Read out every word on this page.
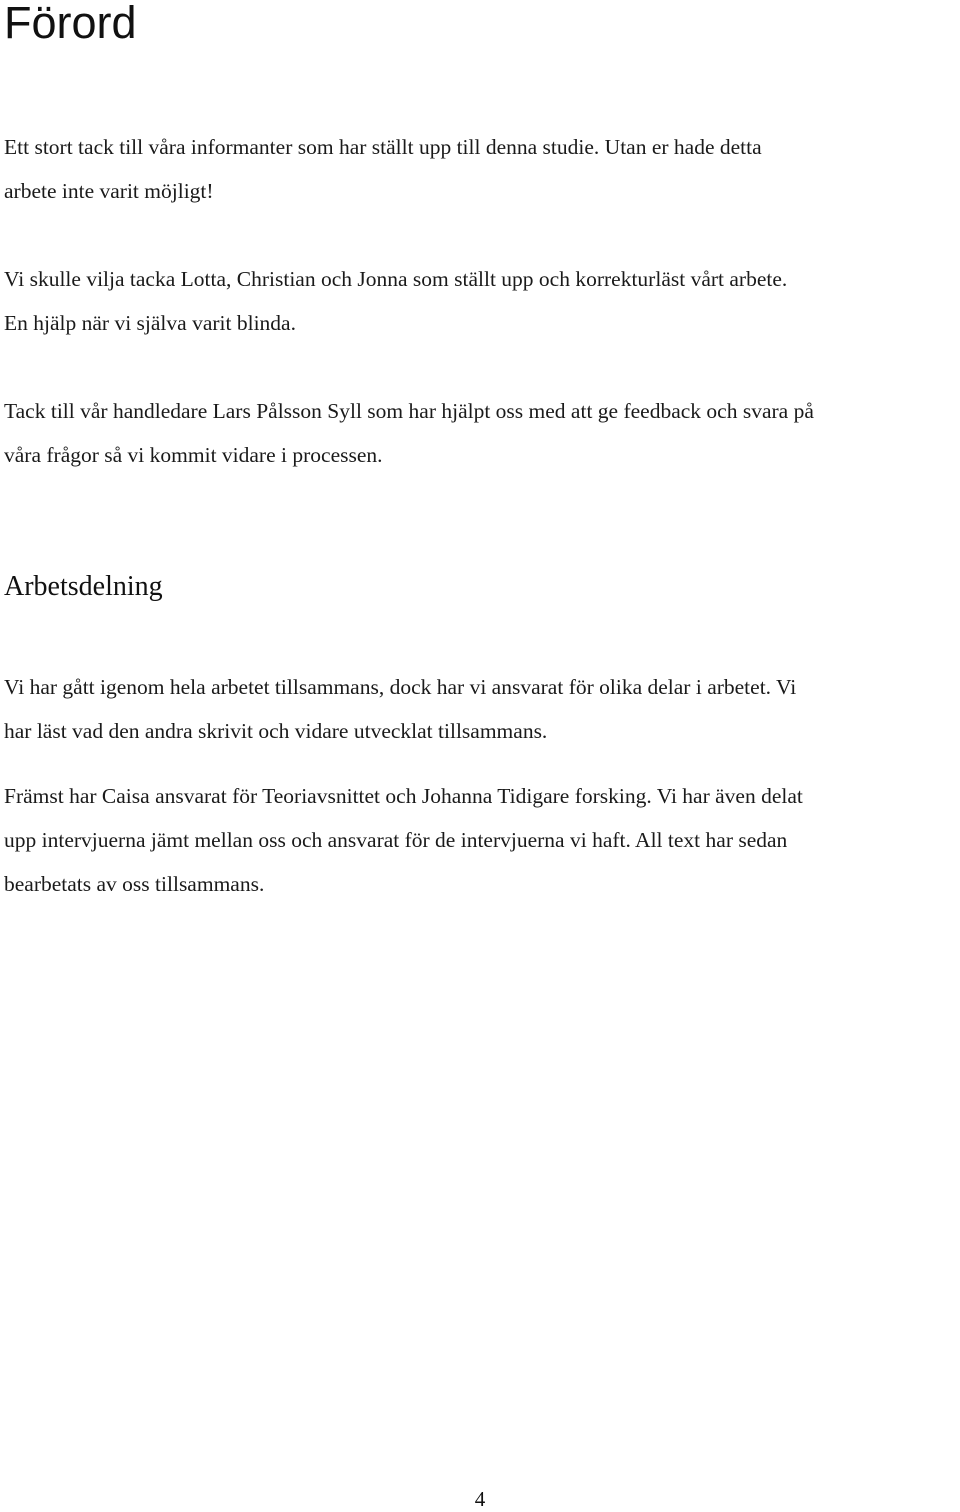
Förord

Ett stort tack till våra informanter som har ställt upp till denna studie. Utan er hade detta
arbete inte varit möjligt!

Vi skulle vilja tacka Lotta, Christian och Jonna som ställt upp och korrekturläst vårt arbete.
En hjälp när vi själva varit blinda.

Tack till vår handledare Lars Pålsson Syll som har hjälpt oss med att ge feedback och svara på
våra frågor så vi kommit vidare i processen.

Arbetsdelning

Vi har gått igenom hela arbetet tillsammans, dock har vi ansvarat för olika delar i arbetet. Vi
har läst vad den andra skrivit och vidare utvecklat tillsammans.

Främst har Caisa ansvarat för Teoriavsnittet och Johanna Tidigare forsking. Vi har även delat
upp intervjuerna jämt mellan oss och ansvarat för de intervjuerna vi haft. All text har sedan
bearbetats av oss tillsammans.

4
